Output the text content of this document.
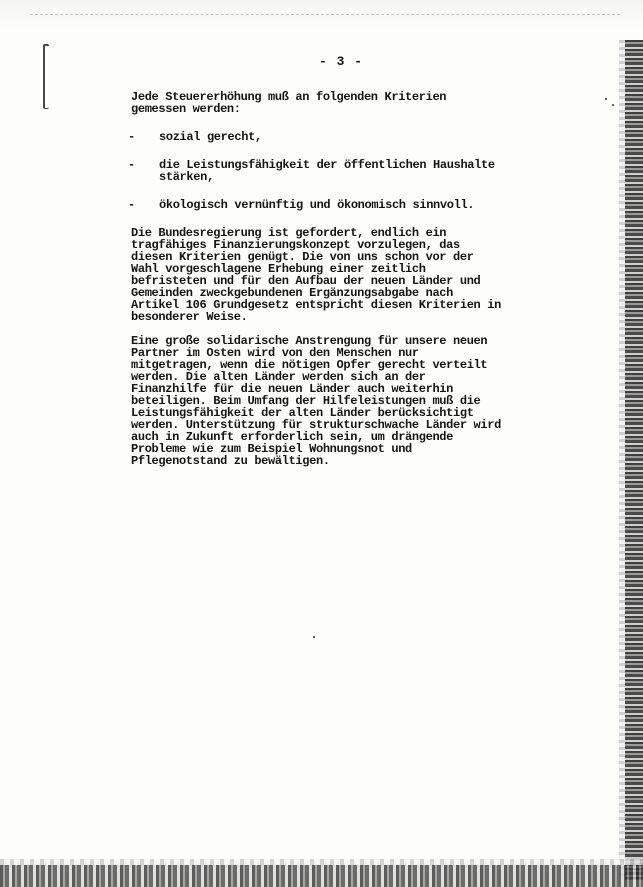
- 3 -

Jede Steuererhöhung muß an folgenden Kriterien
gemessen werden:

- sozial gerecht,
- die Leistungsfähigkeit der öffentlichen Haushalte
stärken,
- ökologisch vernünftig und ökonomisch sinnvoll.

Die Bundesregierung ist gefordert, endlich ein
tragfähiges Finanzierungskonzept vorzulegen, das
diesen Kriterien genügt. Die von uns schon vor der
Wahl vorgeschlagene Erhebung einer zeitlich
befristeten und für den Aufbau der neuen Länder und
Gemeinden zweckgebundenen Ergänzungsabgabe nach
Artikel 106 Grundgesetz entspricht diesen Kriterien in
besonderer Weise.

Eine große solidarische Anstrengung für unsere neuen
Partner im Osten wird von den Menschen nur
mitgetragen, wenn die nötigen Opfer gerecht verteilt
werden. Die alten Länder werden sich an der
Finanzhilfe für die neuen Länder auch weiterhin
beteiligen. Beim Umfang der Hilfeleistungen muß die
Leistungsfähigkeit der alten Länder berücksichtigt
werden. Unterstützung für strukturschwache Länder wird
auch in Zukunft erforderlich sein, um drängende
Probleme wie zum Beispiel Wohnungsnot und
Pflegenotstand zu bewältigen.
